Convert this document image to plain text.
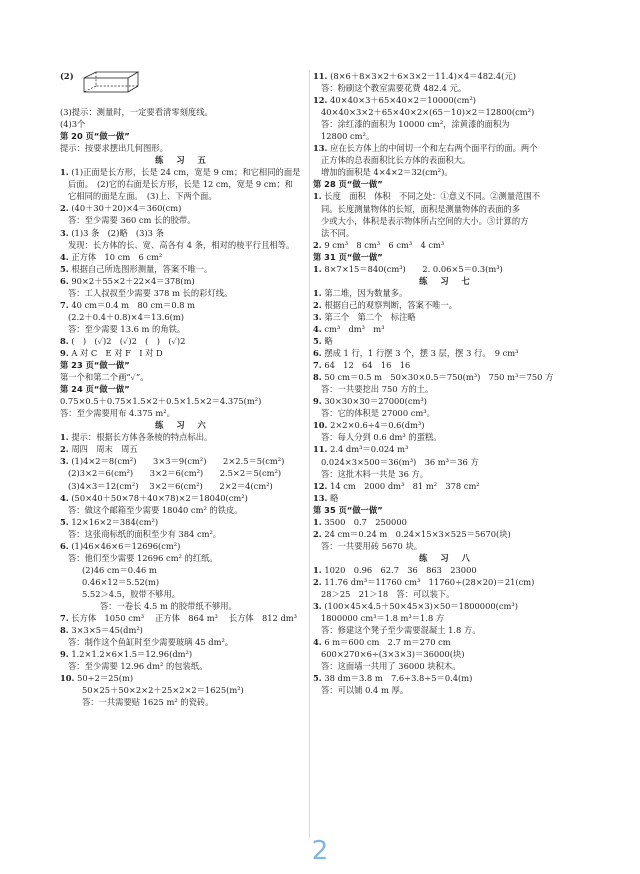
(2)
(3)提示：测量时，一定要看清零刻度线。
(4)3个
第 20 页“做一做”
提示：按要求摆出几何图形。
练 习 五
1. (1)正面是长方形，长是 24 cm，宽是 9 cm；和它相同的面是
后面。　(2)它的右面是长方形，长是 12 cm，宽是 9 cm；和
它相同的面是左面。　(3)上、下两个面。
2. (40＋30＋20)×4＝360(cm)
答：至少需要 360 cm 长的胶带。
3. (1)3 条　(2)略　(3)3 条
发现：长方体的长、宽、高各有 4 条，相对的棱平行且相等。
4. 正方体　10 cm　6 cm²
5. 根据自己所选图形测量，答案不唯一。
6. 90×2＋55×2＋22×4＝378(m)
答：工人叔叔至少需要 378 m 长的彩灯线。
7. 40 cm＝0.4 m　80 cm＝0.8 m
(2.2＋0.4＋0.8)×4＝13.6(m)
答：至少需要 13.6 m 的角铁。
8. (　)　(✓)2　(✓)2　(　)　(✓)2
9. A 对 C　E 对 F　I 对 D
第 23 页“做一做”
第一个和第二个画“✓”。
第 24 页“做一做”
0.75×0.5＋0.75×1.5×2＋0.5×1.5×2＝4.375(m²)
答：至少需要用布 4.375 m²。
练 习 六
1. 提示：根据长方体各条棱的特点标出。
2. 周四　周末　周五
3. (1)4×2＝8(cm²)　　3×3＝9(cm²)　　2×2.5＝5(cm²)
(2)3×2＝6(cm²)　　3×2＝6(cm²)　　2.5×2＝5(cm²)
(3)4×3＝12(cm²)　 3×2＝6(cm²)　　2×2＝4(cm²)
4. (50×40＋50×78＋40×78)×2＝18040(cm²)
答：做这个邮箱至少需要 18040 cm² 的铁皮。
5. 12×16×2＝384(cm²)
答：这张商标纸的面积至少有 384 cm²。
6. (1)46×46×6＝12696(cm²)
答：他们至少需要 12696 cm² 的红纸。
(2)46 cm＝0.46 m
0.46×12＝5.52(m)
5.52＞4.5，胶带不够用。
答：一卷长 4.5 m 的胶带纸不够用。
7. 长方体　1050 cm³　 正方体　864 m³　 长方体　812 dm³
8. 3×3×5＝45(dm²)
答：制作这个鱼缸时至少需要玻璃 45 dm²。
9. 1.2×1.2×6×1.5＝12.96(dm²)
答：至少需要 12.96 dm² 的包装纸。
10. 50÷2＝25(m)
50×25＋50×2×2＋25×2×2＝1625(m²)
答：一共需要贴 1625 m² 的瓷砖。
11. (8×6＋8×3×2＋6×3×2－11.4)×4＝482.4(元)
答：粉刷这个教室需要花费 482.4 元。
12. 40×40×3＋65×40×2＝10000(cm²)
40×40×3×2＋65×40×2×(65－10)×2＝12800(cm²)
答：涂红漆的面积为 10000 cm²，涂黄漆的面积为
12800 cm²。
13. 应在长方体上的中间切一个和左右两个面平行的面。两个
正方体的总表面积比长方体的表面积大。
增加的面积是 4×4×2＝32(cm²)。
第 28 页“做一做”
1. 长度　面积　体积　不同之处：①意义不同。②测量范围不
同。长度测量物体的长短，面积是测量物体的表面的多
少或大小，体积是表示物体所占空间的大小。③计算的方
法不同。
2. 9 cm³　8 cm³　6 cm³　4 cm³
第 31 页“做一做”
1. 8×7×15＝840(cm³)　　2. 0.06×5＝0.3(m³)
练 习 七
1. 第二堆，因为数量多。
2. 根据自己的观察判断，答案不唯一。
3. 第三个　第二个　标注略
4. cm³　dm³　m³
5. 略
6. 摆成 1 行，1 行摆 3 个，摆 3 层，摆 3 行。　9 cm³
7. 64　12　64　16　16
8. 50 cm＝0.5 m　50×30×0.5＝750(m³)　750 m³＝750 方
答：一共要挖出 750 方的土。
9. 30×30×30＝27000(cm³)
答：它的体积是 27000 cm³。
10. 2×2×0.6÷4＝0.6(dm³)
答：每人分到 0.6 dm³ 的蛋糕。
11. 2.4 dm³＝0.024 m³
0.024×3×500＝36(m³)　36 m³＝36 方
答：这批木料一共是 36 方。
12. 14 cm　2000 dm³　81 m²　378 cm²
13. 略
第 35 页“做一做”
1. 3500　0.7　250000
2. 24 cm＝0.24 m　0.24×15×3×525＝5670(块)
答：一共要用砖 5670 块。
练 习 八
1. 1020　0.96　62.7　36　863　23000
2. 11.76 dm³＝11760 cm³　11760÷(28×20)＝21(cm)
28＞25　21＞18　答：可以装下。
3. (100×45×4.5＋50×45×3)×50＝1800000(cm³)
1800000 cm³＝1.8 m³＝1.8 方
答：修建这个凳子至少需要混凝土 1.8 方。
4. 6 m＝600 cm　2.7 m＝270 cm
600×270×6÷(3×3×3)＝36000(块)
答：这面墙一共用了 36000 块积木。
5. 38 dm＝3.8 m　7.6÷3.8÷5＝0.4(m)
答：可以铺 0.4 m 厚。
2
